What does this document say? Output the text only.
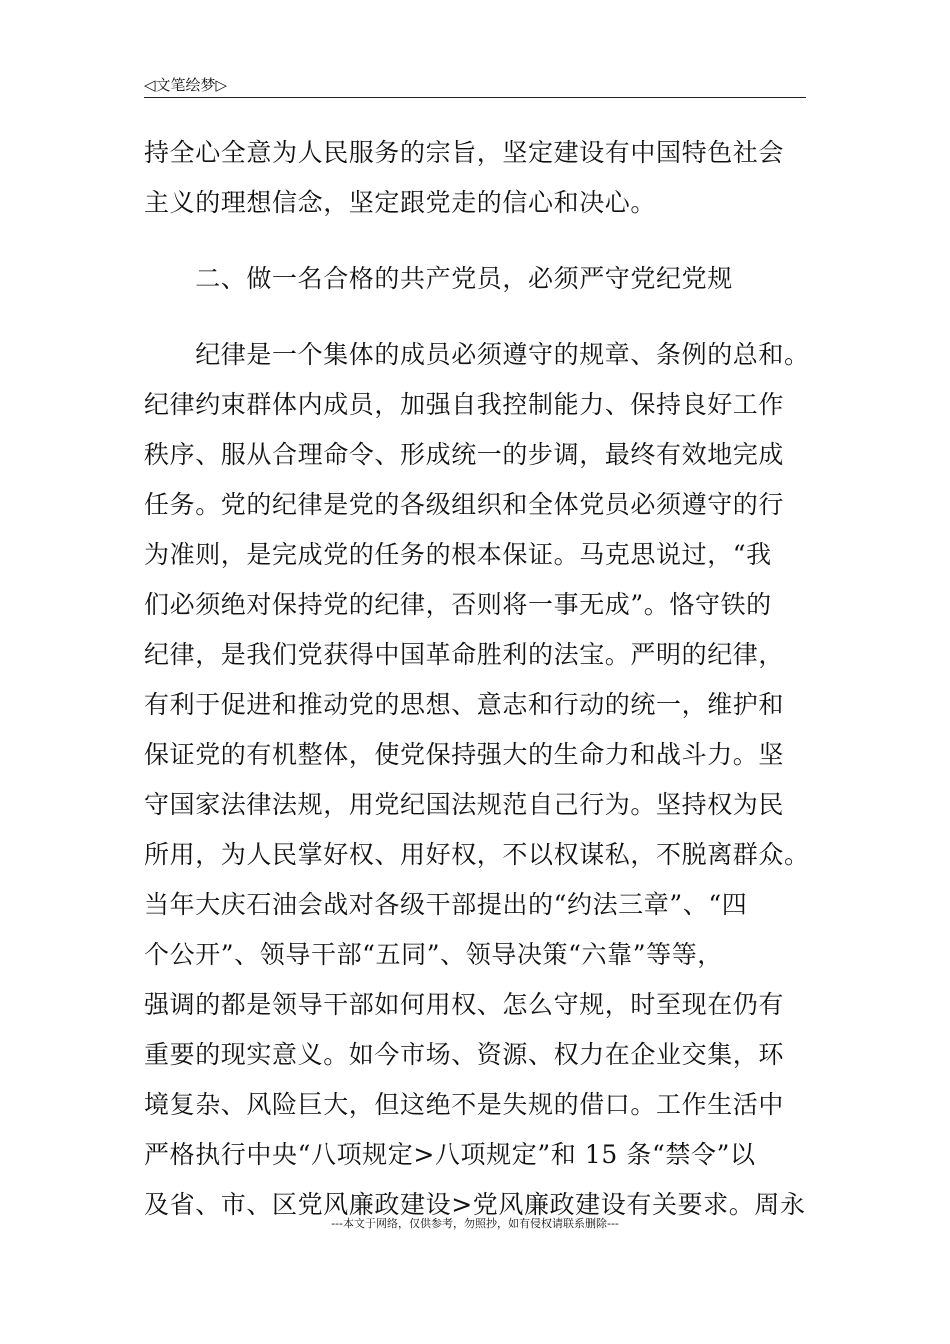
◁文笔绘梦▷
持全心全意为人民服务的宗旨，坚定建设有中国特色社会
主义的理想信念，坚定跟党走的信心和决心。
　　二、做一名合格的共产党员，必须严守党纪党规
　　纪律是一个集体的成员必须遵守的规章、条例的总和。
纪律约束群体内成员，加强自我控制能力、保持良好工作
秩序、服从合理命令、形成统一的步调，最终有效地完成
任务。党的纪律是党的各级组织和全体党员必须遵守的行
为准则，是完成党的任务的根本保证。马克思说过，“我
们必须绝对保持党的纪律，否则将一事无成”。恪守铁的
纪律，是我们党获得中国革命胜利的法宝。严明的纪律，
有利于促进和推动党的思想、意志和行动的统一，维护和
保证党的有机整体，使党保持强大的生命力和战斗力。坚
守国家法律法规，用党纪国法规范自己行为。坚持权为民
所用，为人民掌好权、用好权，不以权谋私，不脱离群众。
当年大庆石油会战对各级干部提出的“约法三章”、“四
个公开”、领导干部“五同”、领导决策“六靠”等等，
强调的都是领导干部如何用权、怎么守规，时至现在仍有
重要的现实意义。如今市场、资源、权力在企业交集，环
境复杂、风险巨大，但这绝不是失规的借口。工作生活中
严格执行中央“八项规定>八项规定”和 15 条“禁令”以
及省、市、区党风廉政建设>党风廉政建设有关要求。周永
---本文于网络，仅供参考，勿照抄，如有侵权请联系删除---
